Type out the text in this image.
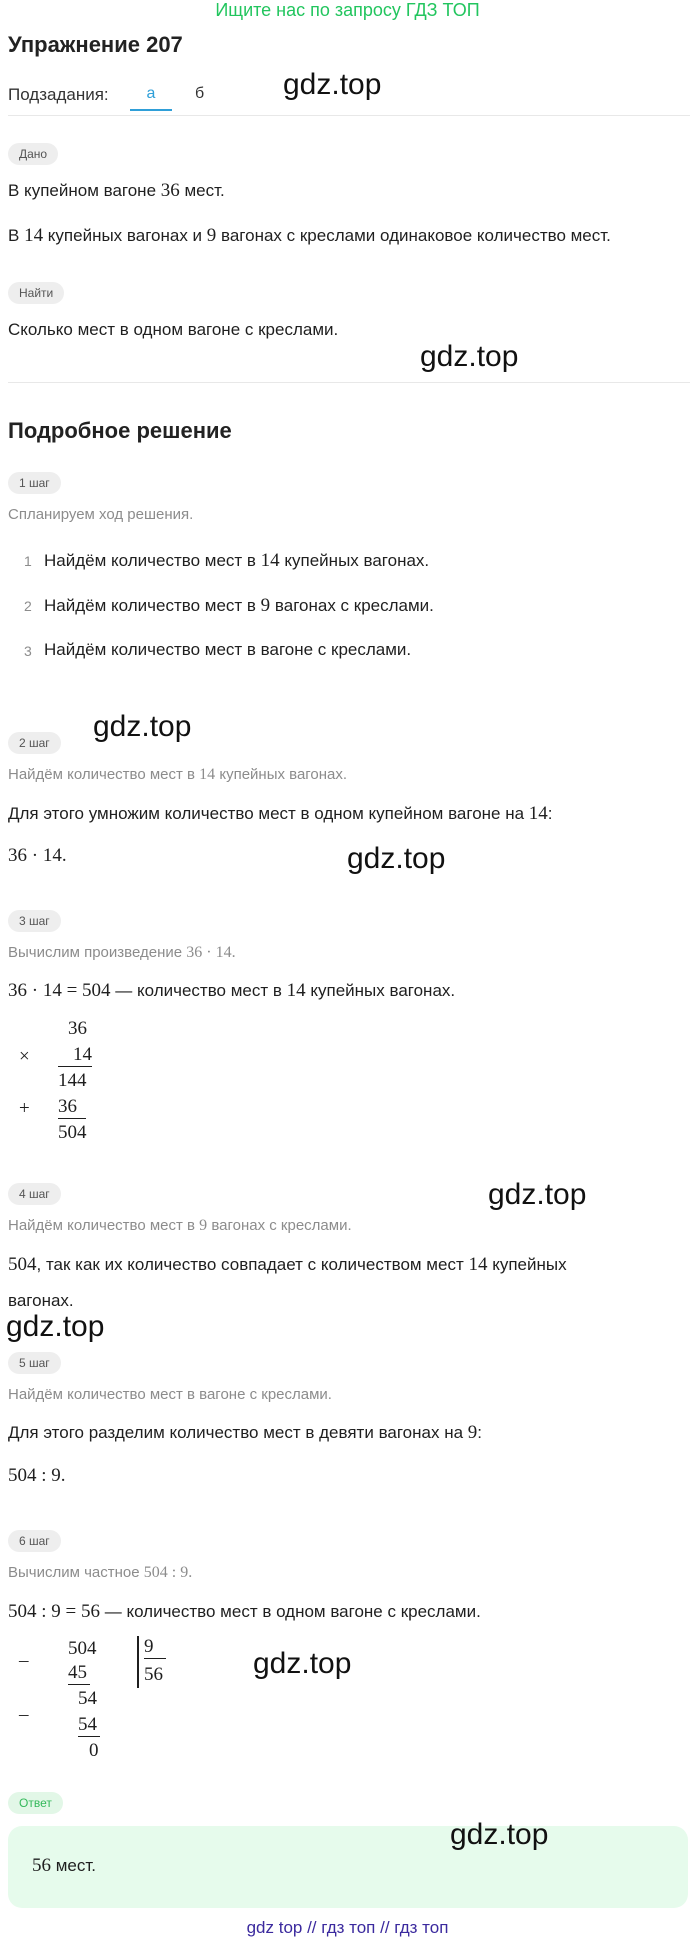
Ищите нас по запросу ГДЗ ТОП
Упражнение 207
Подзадания:	а	б	gdz.top
Дано
В купейном вагоне 36 мест.
В 14 купейных вагонах и 9 вагонах с креслами одинаковое количество мест.
Найти
Сколько мест в одном вагоне с креслами.
gdz.top
Подробное решение
1 шаг
Спланируем ход решения.
1 Найдём количество мест в 14 купейных вагонах.
2 Найдём количество мест в 9 вагонах с креслами.
3 Найдём количество мест в вагоне с креслами.
gdz.top
2 шаг
Найдём количество мест в 14 купейных вагонах.
Для этого умножим количество мест в одном купейном вагоне на 14:
36 · 14.	gdz.top
3 шаг
Вычислим произведение 36 · 14.
36 · 14 = 504 — количество мест в 14 купейных вагонах.
36
×	14
144
+ 36
504
4 шаг	gdz.top
Найдём количество мест в 9 вагонах с креслами.
504, так как их количество совпадает с количеством мест 14 купейных
вагонах.
gdz.top
5 шаг
Найдём количество мест в вагоне с креслами.
Для этого разделим количество мест в девяти вагонах на 9:
504 : 9.
6 шаг
Вычислим частное 504 : 9.
504 : 9 = 56 — количество мест в одном вагоне с креслами.
–
504	9
56	gdz.top
45
54
–	54
0
Ответ
gdz.top
56 мест.
gdz top // гдз топ // гдз топ
